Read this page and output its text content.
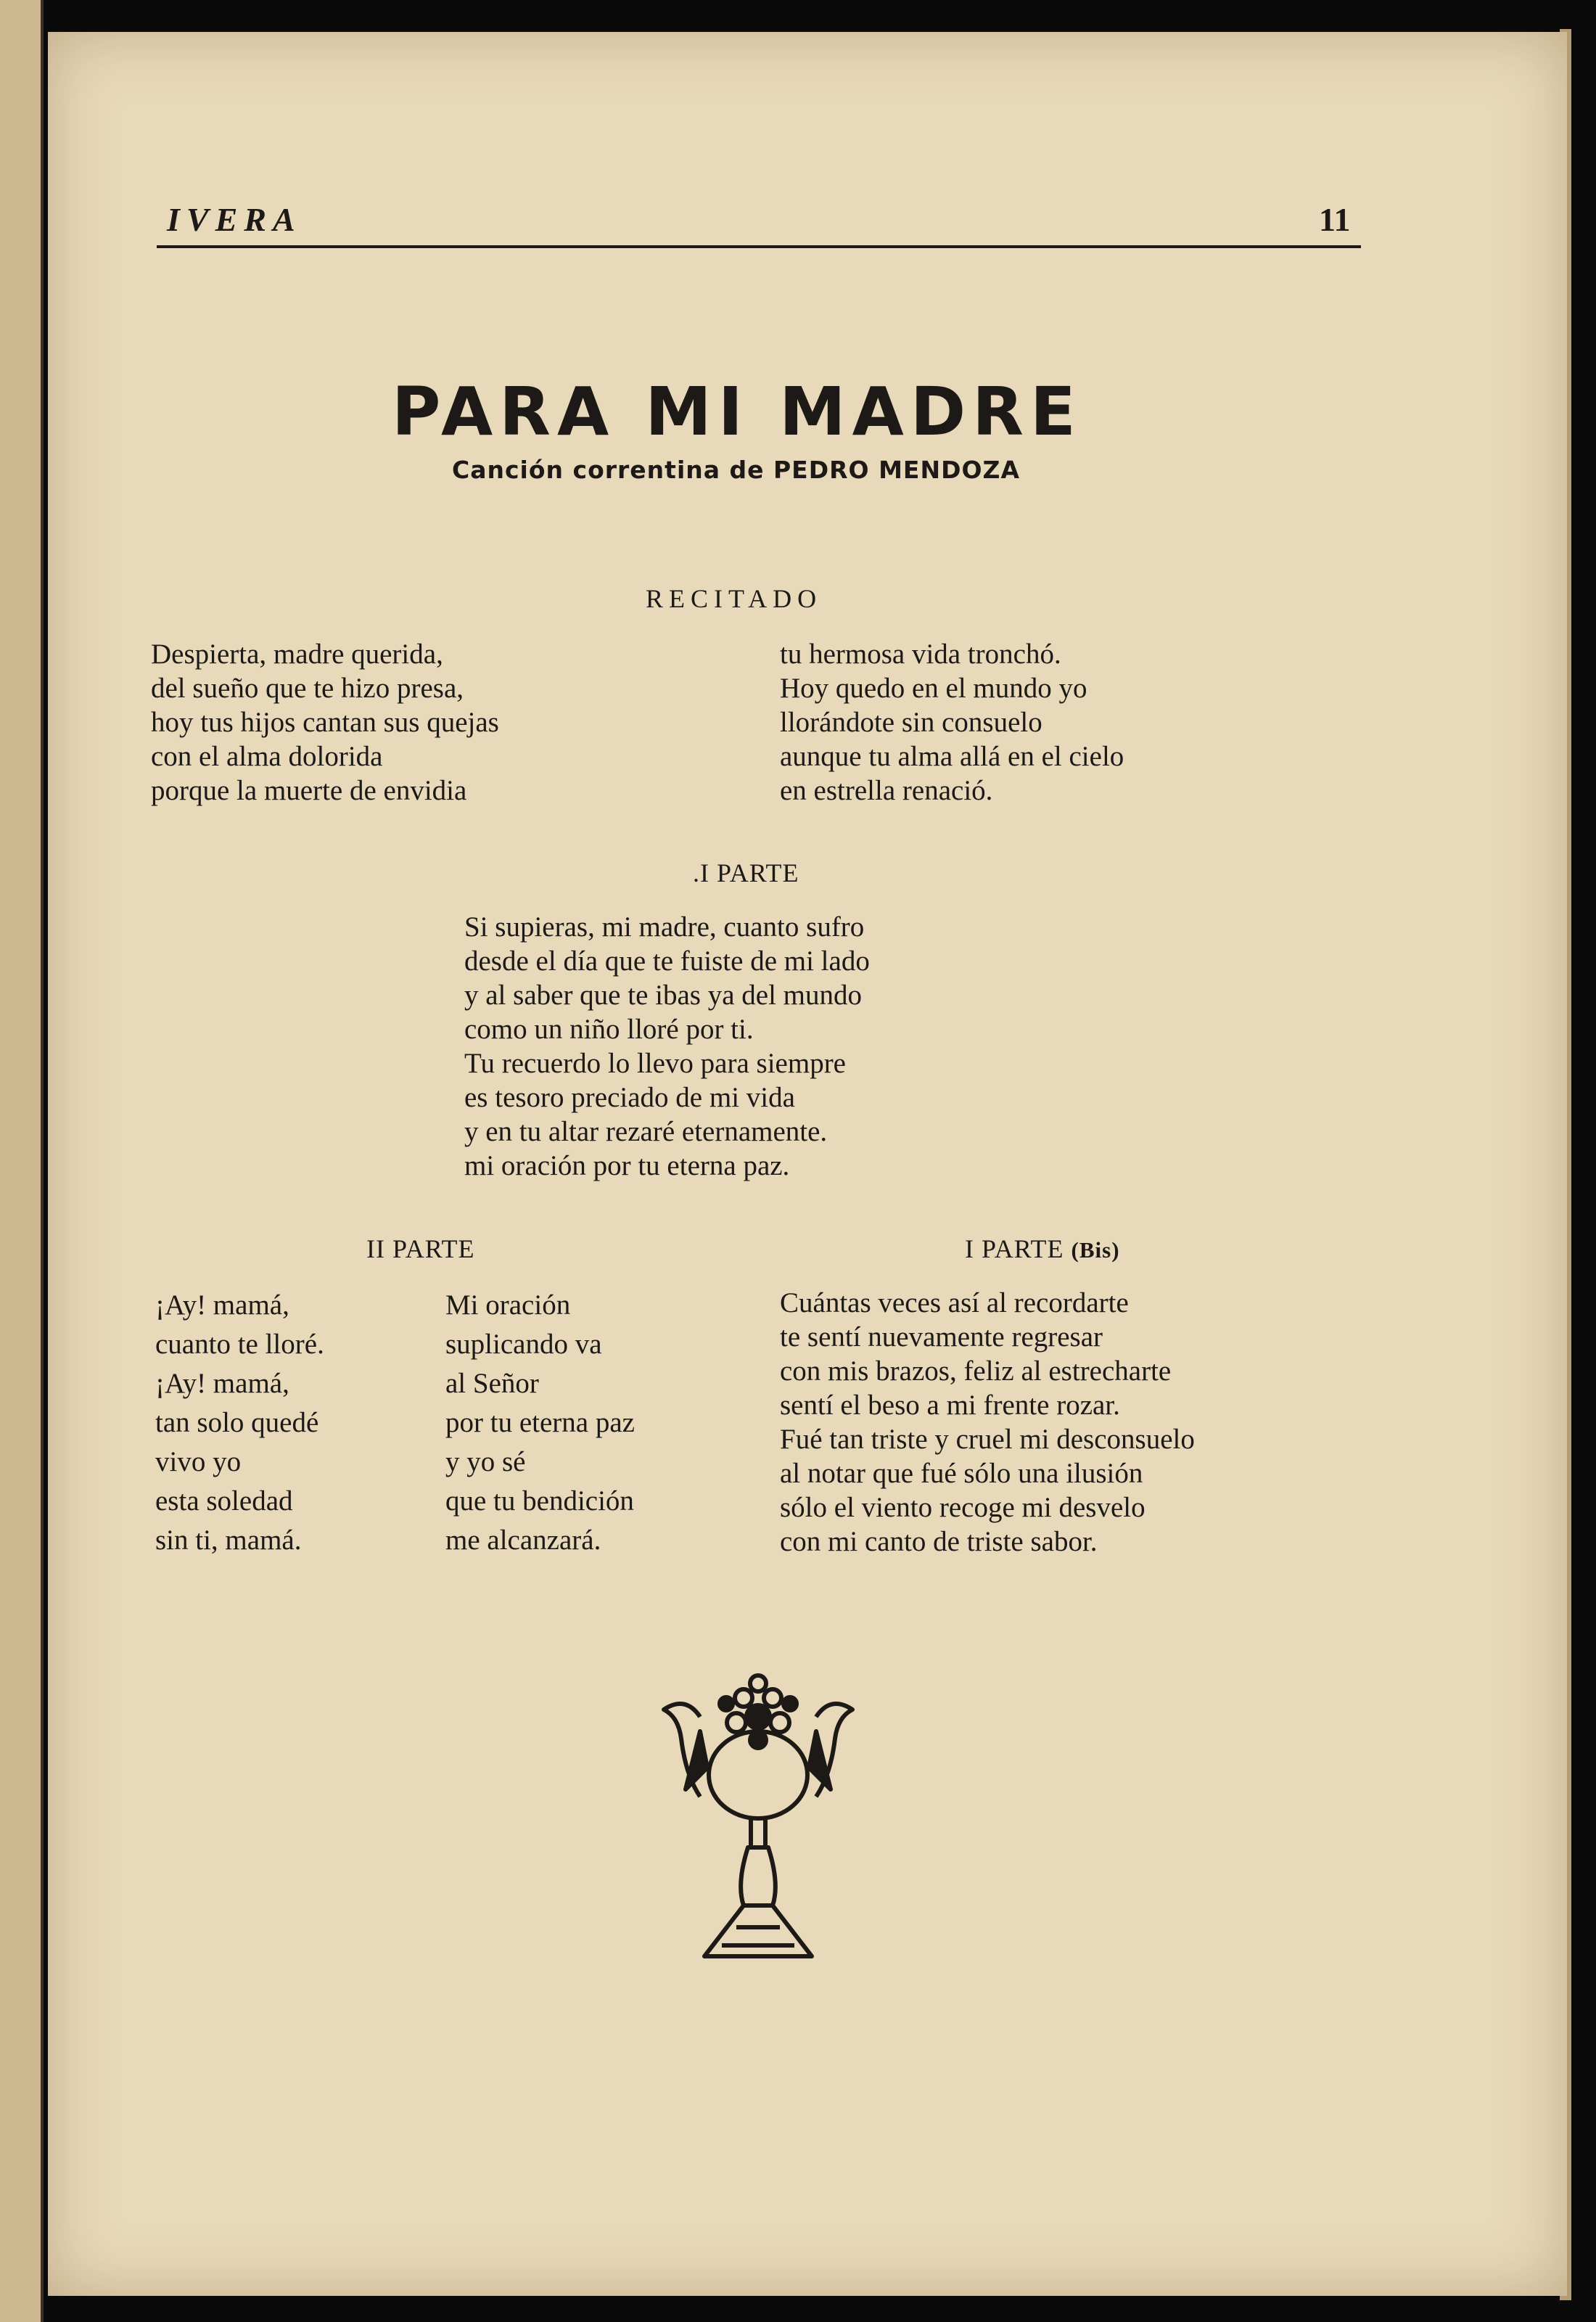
IVERA	11
PARA MI MADRE
Canción correntina de PEDRO MENDOZA
RECITADO
Despierta, madre querida,
del sueño que te hizo presa,
hoy tus hijos cantan sus quejas
con el alma dolorida
porque la muerte de envidia
tu hermosa vida tronchó.
Hoy quedo en el mundo yo
llorándote sin consuelo
aunque tu alma allá en el cielo
en estrella renació.
.I PARTE
Si supieras, mi madre, cuanto sufro
desde el día que te fuiste de mi lado
y al saber que te ibas ya del mundo
como un niño lloré por ti.
Tu recuerdo lo llevo para siempre
es tesoro preciado de mi vida
y en tu altar rezaré eternamente.
mi oración por tu eterna paz.
II PARTE	I PARTE (Bis)
¡Ay! mamá,
cuanto te lloré.
¡Ay! mamá,
tan solo quedé
vivo yo
esta soledad
sin ti, mamá.
Mi oración
suplicando va
al Señor
por tu eterna paz
y yo sé
que tu bendición
me alcanzará.
Cuántas veces así al recordarte
te sentí nuevamente regresar
con mis brazos, feliz al estrecharte
sentí el beso a mi frente rozar.
Fué tan triste y cruel mi desconsuelo
al notar que fué sólo una ilusión
sólo el viento recoge mi desvelo
con mi canto de triste sabor.
